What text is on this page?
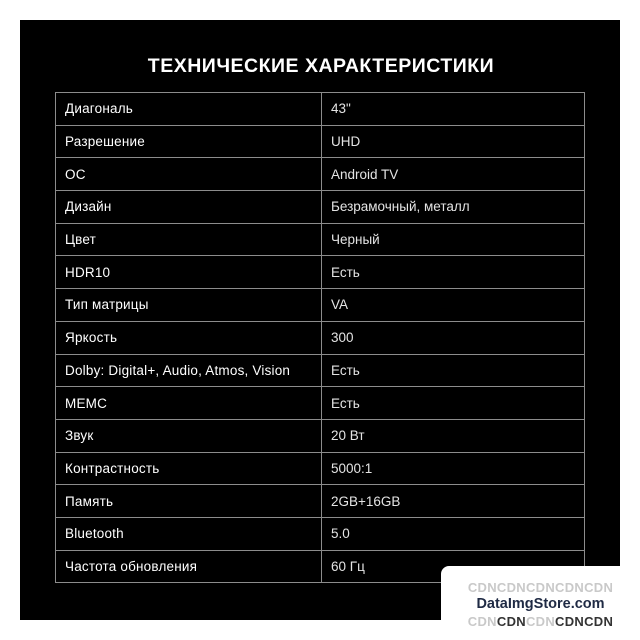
ТЕХНИЧЕСКИЕ ХАРАКТЕРИСТИКИ
Диагональ	43"
Разрешение	UHD
ОС	Android TV
Дизайн	Безрамочный, металл
Цвет	Черный
HDR10	Есть
Тип матрицы	VA
Яркость	300
Dolby: Digital+, Audio, Atmos, Vision	Есть
MEMC	Есть
Звук	20 Вт
Контрастность	5000:1
Память	2GB+16GB
Bluetooth	5.0
Частота обновления	60 Гц
CDNCDNCDNCDNCDN
DataImgStore.com
CDNCDNCDNCDNCDN
